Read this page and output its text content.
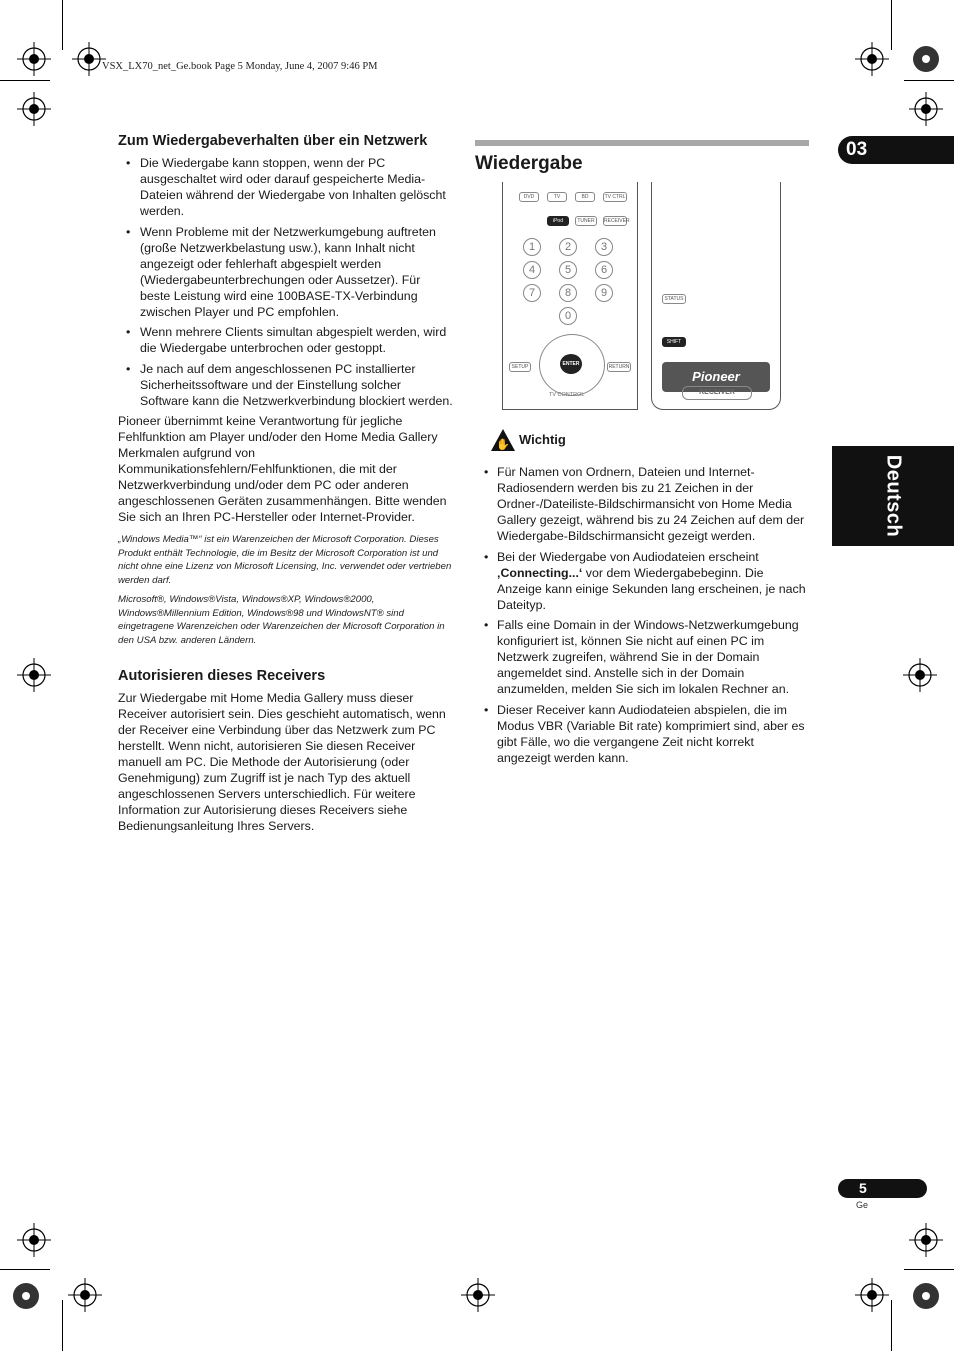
VSX_LX70_net_Ge.book Page 5 Monday, June 4, 2007 9:46 PM
03
Deutsch
Zum Wiedergabeverhalten über ein Netzwerk
• Die Wiedergabe kann stoppen, wenn der PC ausgeschaltet wird oder darauf gespeicherte Media-Dateien während der Wiedergabe von Inhalten gelöscht werden.
• Wenn Probleme mit der Netzwerkumgebung auftreten (große Netzwerkbelastung usw.), kann Inhalt nicht angezeigt oder fehlerhaft abgespielt werden (Wiedergabeunterbrechungen oder Aussetzer). Für beste Leistung wird eine 100BASE-TX-Verbindung zwischen Player und PC empfohlen.
• Wenn mehrere Clients simultan abgespielt werden, wird die Wiedergabe unterbrochen oder gestoppt.
• Je nach auf dem angeschlossenen PC installierter Sicherheitssoftware und der Einstellung solcher Software kann die Netzwerkverbindung blockiert werden.

Pioneer übernimmt keine Verantwortung für jegliche Fehlfunktion am Player und/oder den Home Media Gallery Merkmalen aufgrund von Kommunikationsfehlern/Fehlfunktionen, die mit der Netzwerkverbindung und/oder dem PC oder anderen angeschlossenen Geräten zusammenhängen. Bitte wenden Sie sich an Ihren PC-Hersteller oder Internet-Provider.

„Windows Media™“ ist ein Warenzeichen der Microsoft Corporation. Dieses Produkt enthält Technologie, die im Besitz der Microsoft Corporation ist und nicht ohne eine Lizenz von Microsoft Licensing, Inc. verwendet oder vertrieben werden darf.

Microsoft®, Windows®Vista, Windows®XP, Windows®2000, Windows®Millennium Edition, Windows®98 und WindowsNT® sind eingetragene Warenzeichen oder Warenzeichen der Microsoft Corporation in den USA bzw. anderen Ländern.

Autorisieren dieses Receivers

Zur Wiedergabe mit Home Media Gallery muss dieser Receiver autorisiert sein. Dies geschieht automatisch, wenn der Receiver eine Verbindung über das Netzwerk zum PC herstellt. Wenn nicht, autorisieren Sie diesen Receiver manuell am PC. Die Methode der Autorisierung (oder Genehmigung) zum Zugriff ist je nach Typ des aktuell angeschlossenen Servers unterschiedlich. Für weitere Information zur Autorisierung dieses Receivers siehe Bedienungsanleitung Ihres Servers.

Wiedergabe
DVD	TV	BD	TV CTRL
iPod	TUNER	RECEIVER
1	2	3
4	5	6
7	8	9
0
ENTER
SETUP	RETURN
TV CONTROL
STATUS
SHIFT
Pioneer
RECEIVER
✋ Wichtig
• Für Namen von Ordnern, Dateien und Internet-Radiosendern werden bis zu 21 Zeichen in der Ordner-/Dateiliste-Bildschirmansicht von Home Media Gallery gezeigt, während bis zu 24 Zeichen auf dem der Wiedergabe-Bildschirmansicht gezeigt werden.
• Bei der Wiedergabe von Audiodateien erscheint ‚Connecting...‘ vor dem Wiedergabebeginn. Die Anzeige kann einige Sekunden lang erscheinen, je nach Dateityp.
• Falls eine Domain in der Windows-Netzwerkumgebung konfiguriert ist, können Sie nicht auf einen PC im Netzwerk zugreifen, während Sie in der Domain angemeldet sind. Anstelle sich in der Domain anzumelden, melden Sie sich im lokalen Rechner an.
• Dieser Receiver kann Audiodateien abspielen, die im Modus VBR (Variable Bit rate) komprimiert sind, aber es gibt Fälle, wo die vergangene Zeit nicht korrekt angezeigt werden kann.
5
Ge
